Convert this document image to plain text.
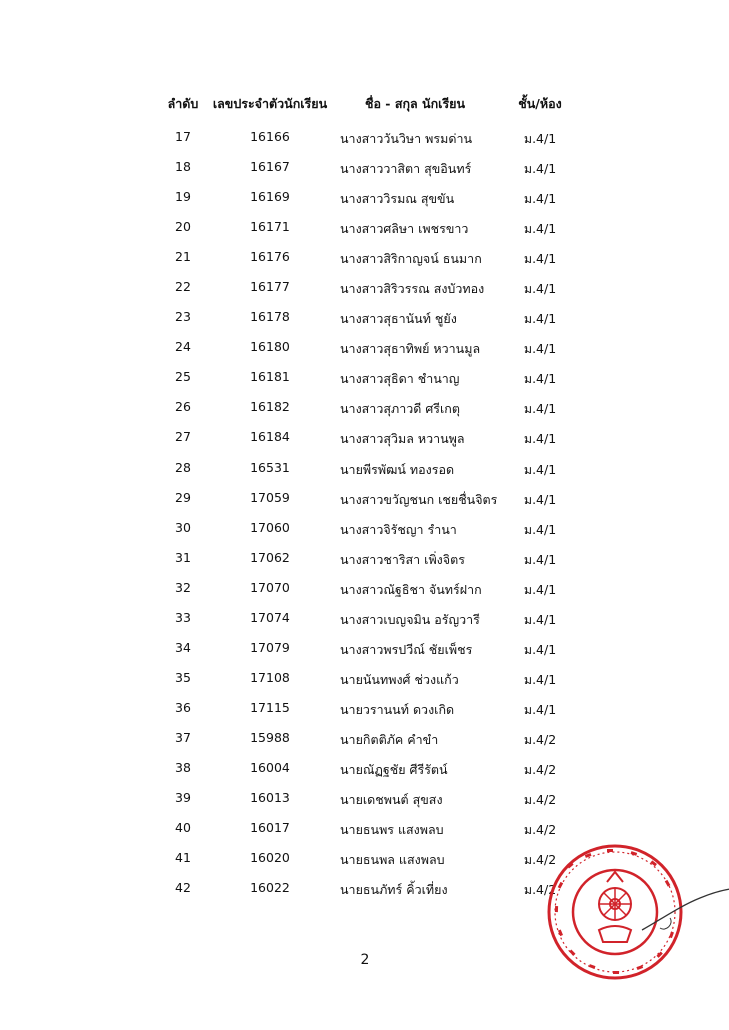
ลำดับ	เลขประจำตัวนักเรียน	ชื่อ - สกุล นักเรียน	ชั้น/ห้อง
17	16166	นางสาววันวิษา พรมด่าน	ม.4/1
18	16167	นางสาววาสิตา สุขอินทร์	ม.4/1
19	16169	นางสาววิรมณ สุขขัน	ม.4/1
20	16171	นางสาวศลิษา เพชรขาว	ม.4/1
21	16176	นางสาวสิริกาญจน์ ธนมาก	ม.4/1
22	16177	นางสาวสิริวรรณ สงบัวทอง	ม.4/1
23	16178	นางสาวสุธานันท์ ชูยัง	ม.4/1
24	16180	นางสาวสุธาทิพย์ หวานมูล	ม.4/1
25	16181	นางสาวสุธิดา ชำนาญ	ม.4/1
26	16182	นางสาวสุภาวดี ศรีเกตุ	ม.4/1
27	16184	นางสาวสุวิมล หวานพูล	ม.4/1
28	16531	นายพีรพัฒน์ ทองรอด	ม.4/1
29	17059	นางสาวขวัญชนก เชยชื่นจิตร	ม.4/1
30	17060	นางสาวจิรัชญา รำนา	ม.4/1
31	17062	นางสาวชาริสา เพิ่งจิตร	ม.4/1
32	17070	นางสาวณัฐธิชา จันทร์ฝาก	ม.4/1
33	17074	นางสาวเบญจมิน อรัญวารี	ม.4/1
34	17079	นางสาวพรปวีณ์ ชัยเพ็ชร	ม.4/1
35	17108	นายนันทพงศ์ ช่วงแก้ว	ม.4/1
36	17115	นายวรานนท์ ดวงเกิด	ม.4/1
37	15988	นายกิตติภัค คำขำ	ม.4/2
38	16004	นายณัฏฐชัย ศีรีรัตน์	ม.4/2
39	16013	นายเดชพนต์ สุขสง	ม.4/2
40	16017	นายธนพร แสงพลบ	ม.4/2
41	16020	นายธนพล แสงพลบ	ม.4/2
42	16022	นายธนภัทร์ คิ้วเที่ยง	ม.4/2
2
